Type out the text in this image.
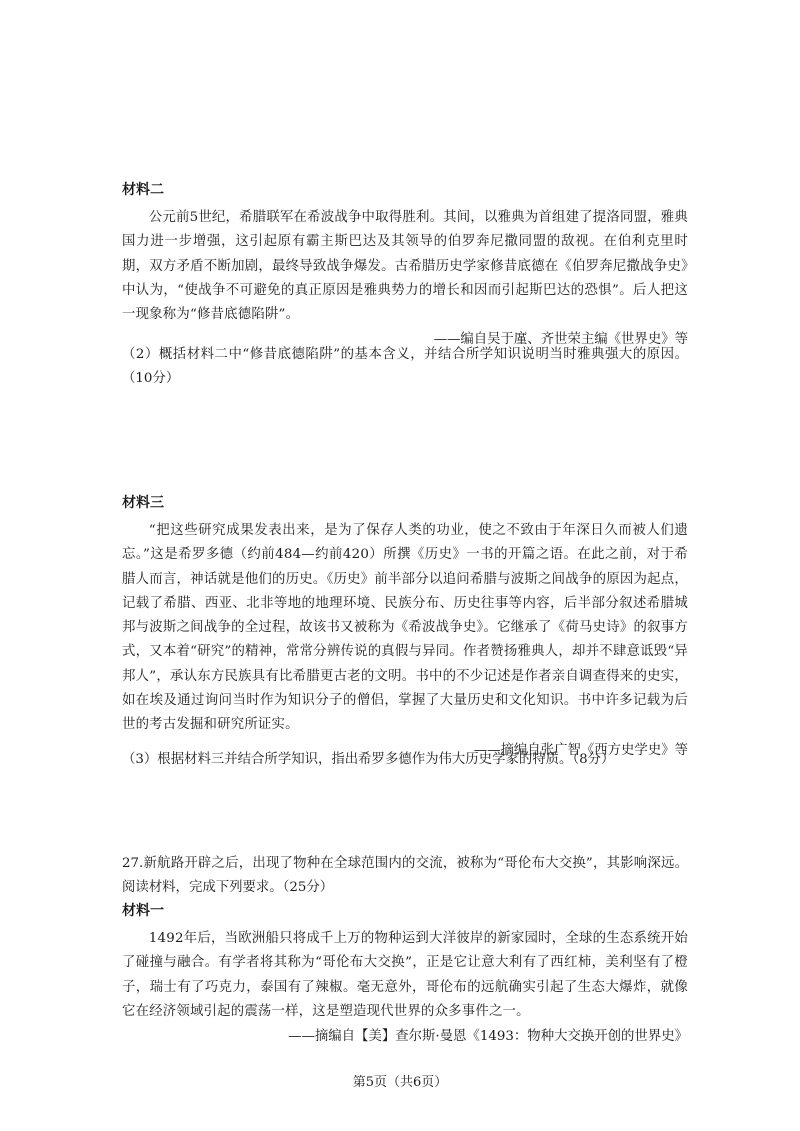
材料二

公元前5世纪，希腊联军在希波战争中取得胜利。其间，以雅典为首组建了提洛同盟，雅典国力进一步增强，这引起原有霸主斯巴达及其领导的伯罗奔尼撒同盟的敌视。在伯利克里时期，双方矛盾不断加剧，最终导致战争爆发。古希腊历史学家修昔底德在《伯罗奔尼撒战争史》中认为，“使战争不可避免的真正原因是雅典势力的增长和因而引起斯巴达的恐惧”。后人把这一现象称为“修昔底德陷阱”。

——编自吴于廑、齐世荣主编《世界史》等

（2）概括材料二中“修昔底德陷阱”的基本含义，并结合所学知识说明当时雅典强大的原因。（10分）

材料三

“把这些研究成果发表出来，是为了保存人类的功业，使之不致由于年深日久而被人们遗忘。”这是希罗多德（约前484—约前420）所撰《历史》一书的开篇之语。在此之前，对于希腊人而言，神话就是他们的历史。《历史》前半部分以追问希腊与波斯之间战争的原因为起点，记载了希腊、西亚、北非等地的地理环境、民族分布、历史往事等内容，后半部分叙述希腊城邦与波斯之间战争的全过程，故该书又被称为《希波战争史》。它继承了《荷马史诗》的叙事方式，又本着“研究”的精神，常常分辨传说的真假与异同。作者赞扬雅典人，却并不肆意诋毁“异邦人”，承认东方民族具有比希腊更古老的文明。书中的不少记述是作者亲自调查得来的史实，如在埃及通过询问当时作为知识分子的僧侣，掌握了大量历史和文化知识。书中许多记载为后世的考古发掘和研究所证实。

——摘编自张广智《西方史学史》等

（3）根据材料三并结合所学知识，指出希罗多德作为伟大历史学家的特质。（8分）

27.新航路开辟之后，出现了物种在全球范围内的交流，被称为“哥伦布大交换”，其影响深远。阅读材料，完成下列要求。（25分）

材料一

1492年后，当欧洲船只将成千上万的物种运到大洋彼岸的新家园时，全球的生态系统开始了碰撞与融合。有学者将其称为“哥伦布大交换”，正是它让意大利有了西红柿，美利坚有了橙子，瑞士有了巧克力，泰国有了辣椒。毫无意外，哥伦布的远航确实引起了生态大爆炸，就像它在经济领域引起的震荡一样，这是塑造现代世界的众多事件之一。

——摘编自【美】查尔斯·曼恩《1493：物种大交换开创的世界史》

第5页（共6页）
